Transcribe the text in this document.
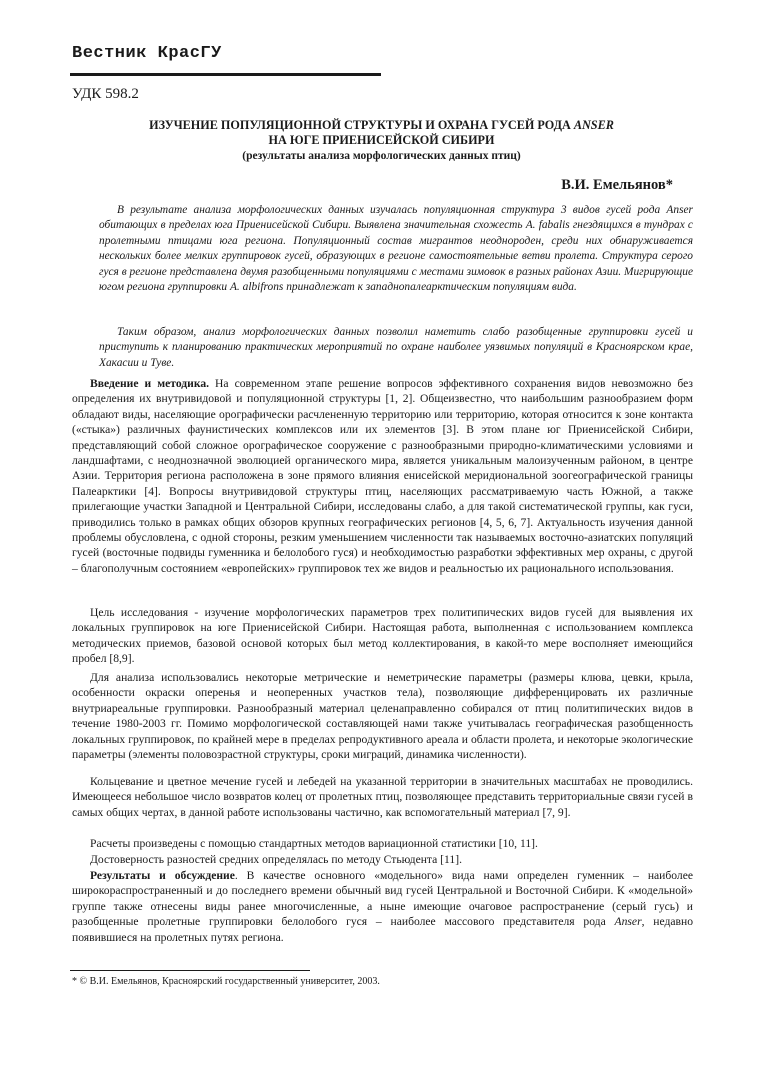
Вестник КрасГУ
УДК 598.2
ИЗУЧЕНИЕ ПОПУЛЯЦИОННОЙ СТРУКТУРЫ И ОХРАНА ГУСЕЙ РОДА ANSER
НА ЮГЕ ПРИЕНИСЕЙСКОЙ СИБИРИ
(результаты анализа морфологических данных птиц)
В.И. Емельянов*

В результате анализа морфологических данных изучалась популяционная структура 3 видов гусей рода Anser обитающих в пределах юга Приенисейской Сибири. Выявлена значительная схожесть A. fabalis гнездящихся в тундрах с пролетными птицами юга региона. Популяционный состав мигрантов неоднороден, среди них обнаруживается нескольких более мелких группировок гусей, образующих в регионе самостоятельные ветви пролета. Структура серого гуся в регионе представлена двумя разобщенными популяциями с местами зимовок в разных районах Азии. Мигрирующие югом региона группировки A. albifrons принадлежат к западнопалеарктическим популяциям вида.

Таким образом, анализ морфологических данных позволил наметить слабо разобщенные группировки гусей и приступить к планированию практических мероприятий по охране наиболее уязвимых популяций в Красноярском крае, Хакасии и Туве.

Введение и методика. На современном этапе решение вопросов эффективного сохранения видов невозможно без определения их внутривидовой и популяционной структуры [1, 2]. Общеизвестно, что наибольшим разнообразием форм обладают виды, населяющие орографически расчлененную территорию или территорию, которая относится к зоне контакта («стыка») различных фаунистических комплексов или их элементов [3]. В этом плане юг Приенисейской Сибири, представляющий собой сложное орографическое сооружение с разнообразными природно-климатическими условиями и ландшафтами, с неоднозначной эволюцией органического мира, является уникальным малоизученным районом, в центре Азии. Территория региона расположена в зоне прямого влияния енисейской меридиональной зоогеографической границы Палеарктики [4]. Вопросы внутривидовой структуры птиц, населяющих рассматриваемую часть Южной, а также прилегающие участки Западной и Центральной Сибири, исследованы слабо, а для такой систематической группы, как гуси, приводились только в рамках общих обзоров крупных географических регионов [4, 5, 6, 7]. Актуальность изучения данной проблемы обусловлена, с одной стороны, резким уменьшением численности так называемых восточно-азиатских популяций гусей (восточные подвиды гуменника и белолобого гуся) и необходимостью разработки эффективных мер охраны, с другой – благополучным состоянием «европейских» группировок тех же видов и реальностью их рационального использования.

Цель исследования - изучение морфологических параметров трех политипических видов гусей для выявления их локальных группировок на юге Приенисейской Сибири. Настоящая работа, выполненная с использованием комплекса методических приемов, базовой основой которых был метод коллектирования, в какой-то мере восполняет имеющийся пробел [8,9].

Для анализа использовались некоторые метрические и неметрические параметры (размеры клюва, цевки, крыла, особенности окраски оперенья и неоперенных участков тела), позволяющие дифференцировать их различные внутриареальные группировки. Разнообразный материал целенаправленно собирался от птиц политипических видов в течение 1980-2003 гг. Помимо морфологической составляющей нами также учитывалась географическая разобщенность локальных группировок, по крайней мере в пределах репродуктивного ареала и области пролета, и некоторые экологические параметры (элементы половозрастной структуры, сроки миграций, динамика численности).

Кольцевание и цветное мечение гусей и лебедей на указанной территории в значительных масштабах не проводились. Имеющееся небольшое число возвратов колец от пролетных птиц, позволяющее представить территориальные связи гусей в самых общих чертах, в данной работе использованы частично, как вспомогательный материал [7, 9].

Расчеты произведены с помощью стандартных методов вариационной статистики [10, 11].

Достоверность разностей средних определялась по методу Стьюдента [11].

Результаты и обсуждение. В качестве основного «модельного» вида нами определен гуменник – наиболее широкораспространенный и до последнего времени обычный вид гусей Центральной и Восточной Сибири. К «модельной» группе также отнесены виды ранее многочисленные, а ныне имеющие очаговое распространение (серый гусь) и разобщенные пролетные группировки белолобого гуся – наиболее массового представителя рода Anser, недавно появившиеся на пролетных путях региона.

* © В.И. Емельянов, Красноярский государственный университет, 2003.
